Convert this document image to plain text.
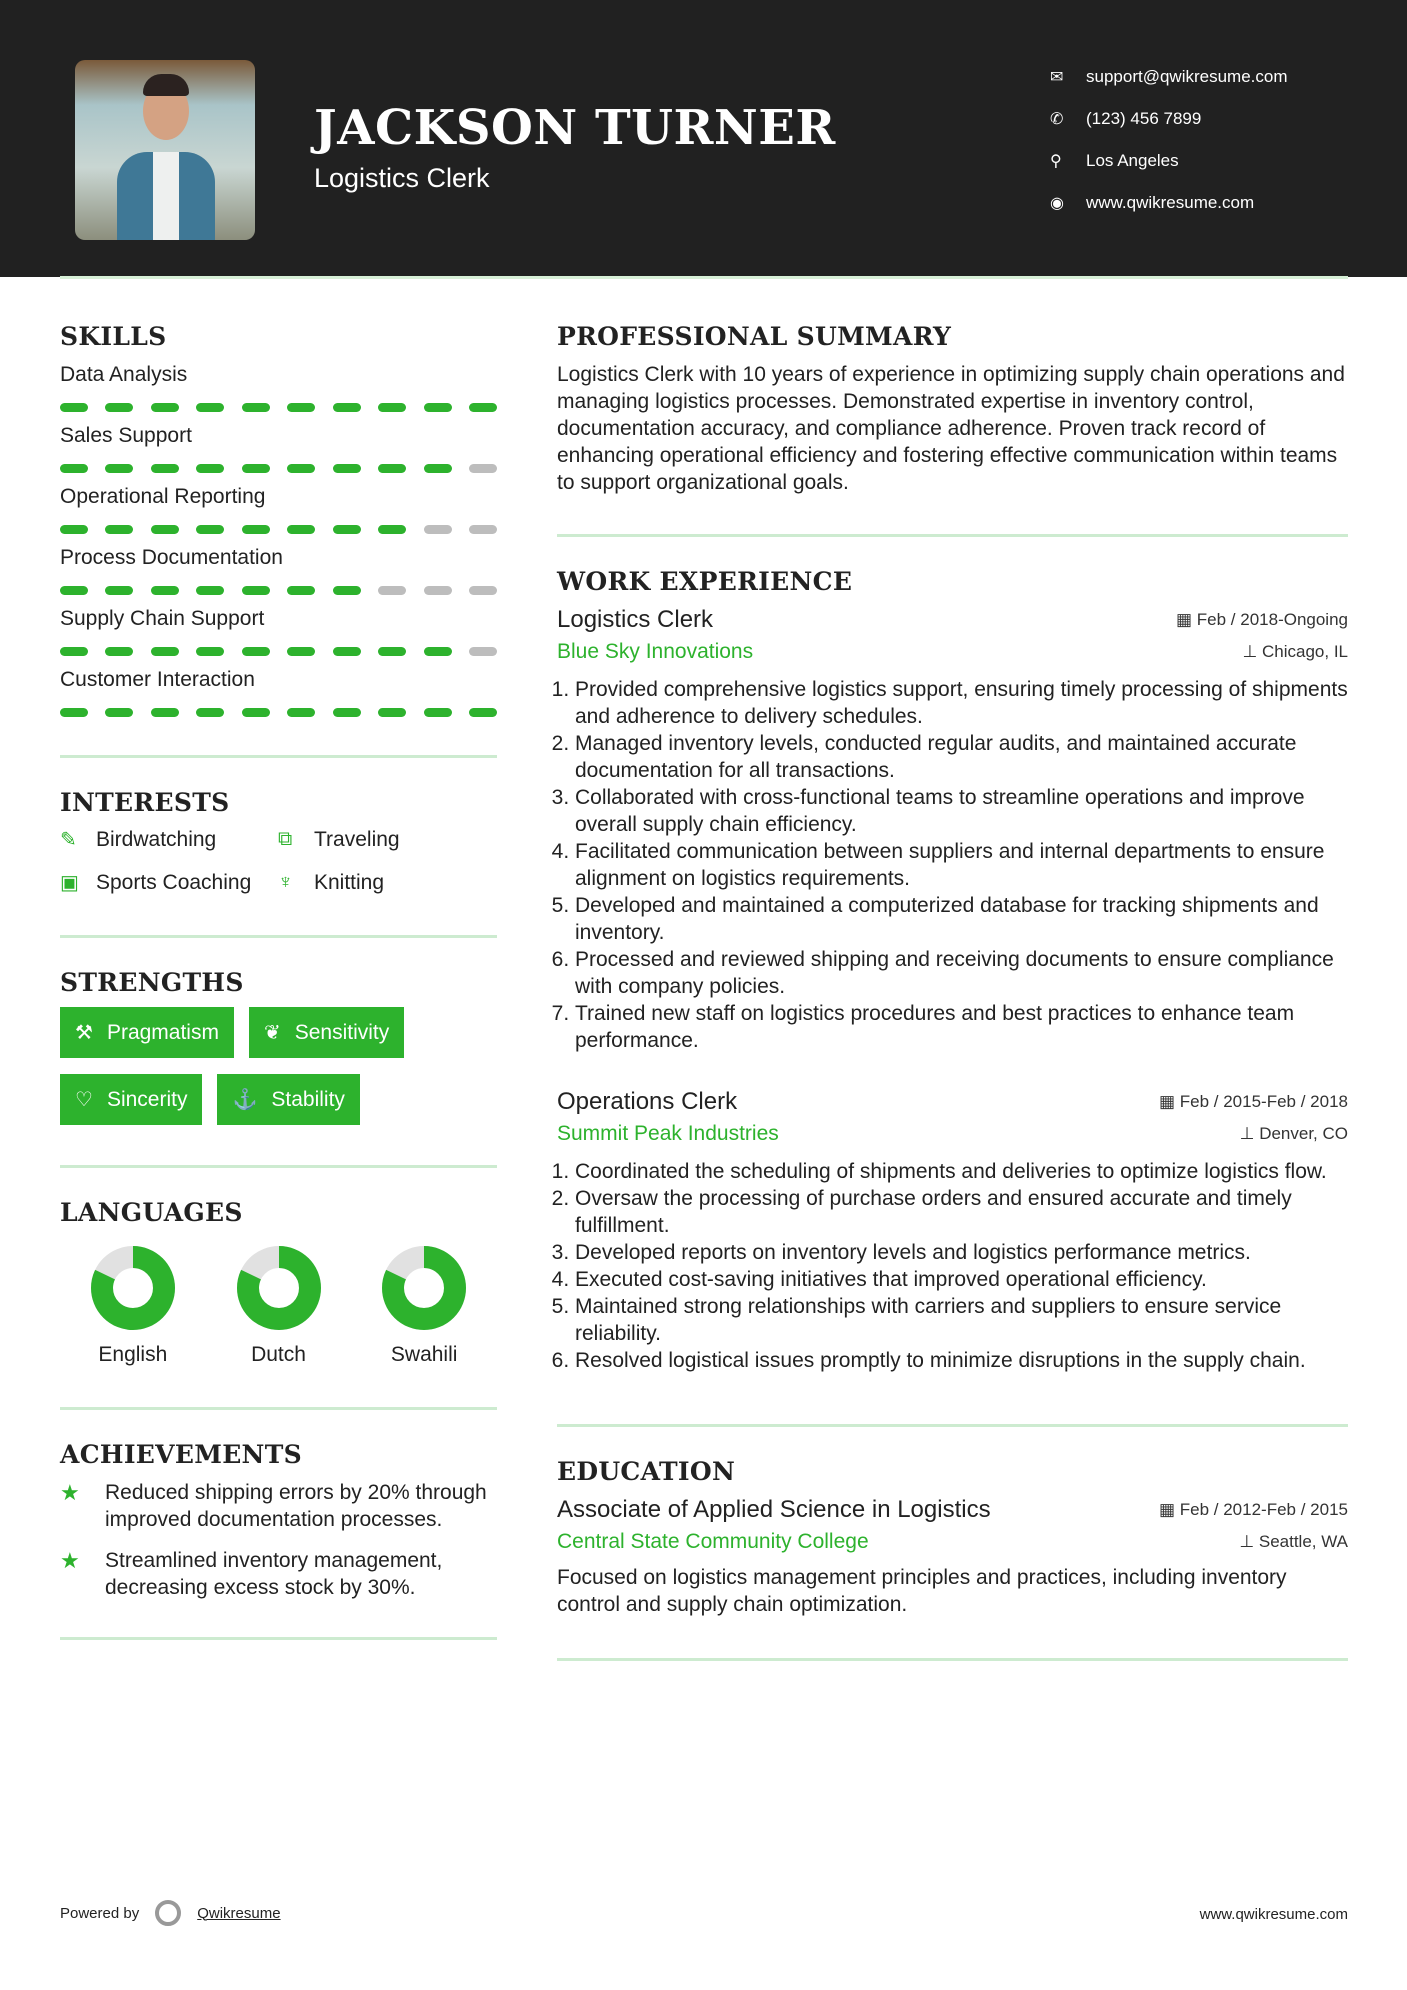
JACKSON TURNER
Logistics Clerk
✉	support@qwikresume.com
✆	(123) 456 7899
⚲	Los Angeles
◉	www.qwikresume.com
SKILLS
Data Analysis
Sales Support
Operational Reporting
Process Documentation
Supply Chain Support
Customer Interaction
INTERESTS
✎ Birdwatching	⧉	Traveling
▣ Sports Coaching ♆	Knitting
STRENGTHS
⚒ Pragmatism ❦ Sensitivity
♡ Sincerity ⚓ Stability
LANGUAGES
English	Dutch	Swahili
ACHIEVEMENTS
★	Reduced shipping errors by 20% through improved documentation processes.
★	Streamlined inventory management, decreasing excess stock by 30%.
PROFESSIONAL SUMMARY

Logistics Clerk with 10 years of experience in optimizing supply chain operations and managing logistics processes. Demonstrated expertise in inventory control, documentation accuracy, and compliance adherence. Proven track record of enhancing operational efficiency and fostering effective communication within teams to support organizational goals.

WORK EXPERIENCE
Logistics Clerk	▦ Feb / 2018-Ongoing
Blue Sky Innovations	⊥ Chicago, IL
1. Provided comprehensive logistics support, ensuring timely processing of shipments and adherence to delivery schedules.
2. Managed inventory levels, conducted regular audits, and maintained accurate documentation for all transactions.
3. Collaborated with cross-functional teams to streamline operations and improve overall supply chain efficiency.
4. Facilitated communication between suppliers and internal departments to ensure alignment on logistics requirements.
5. Developed and maintained a computerized database for tracking shipments and inventory.
6. Processed and reviewed shipping and receiving documents to ensure compliance with company policies.
7. Trained new staff on logistics procedures and best practices to enhance team performance.
Operations Clerk	▦ Feb / 2015-Feb / 2018
Summit Peak Industries	⊥ Denver, CO
1. Coordinated the scheduling of shipments and deliveries to optimize logistics flow.
2. Oversaw the processing of purchase orders and ensured accurate and timely fulfillment.
3. Developed reports on inventory levels and logistics performance metrics.
4. Executed cost-saving initiatives that improved operational efficiency.
5. Maintained strong relationships with carriers and suppliers to ensure service reliability.
6. Resolved logistical issues promptly to minimize disruptions in the supply chain.
EDUCATION
Associate of Applied Science in Logistics	▦ Feb / 2012-Feb / 2015
Central State Community College	⊥ Seattle, WA

Focused on logistics management principles and practices, including inventory control and supply chain optimization.

Powered by	Qwikresume	www.qwikresume.com
